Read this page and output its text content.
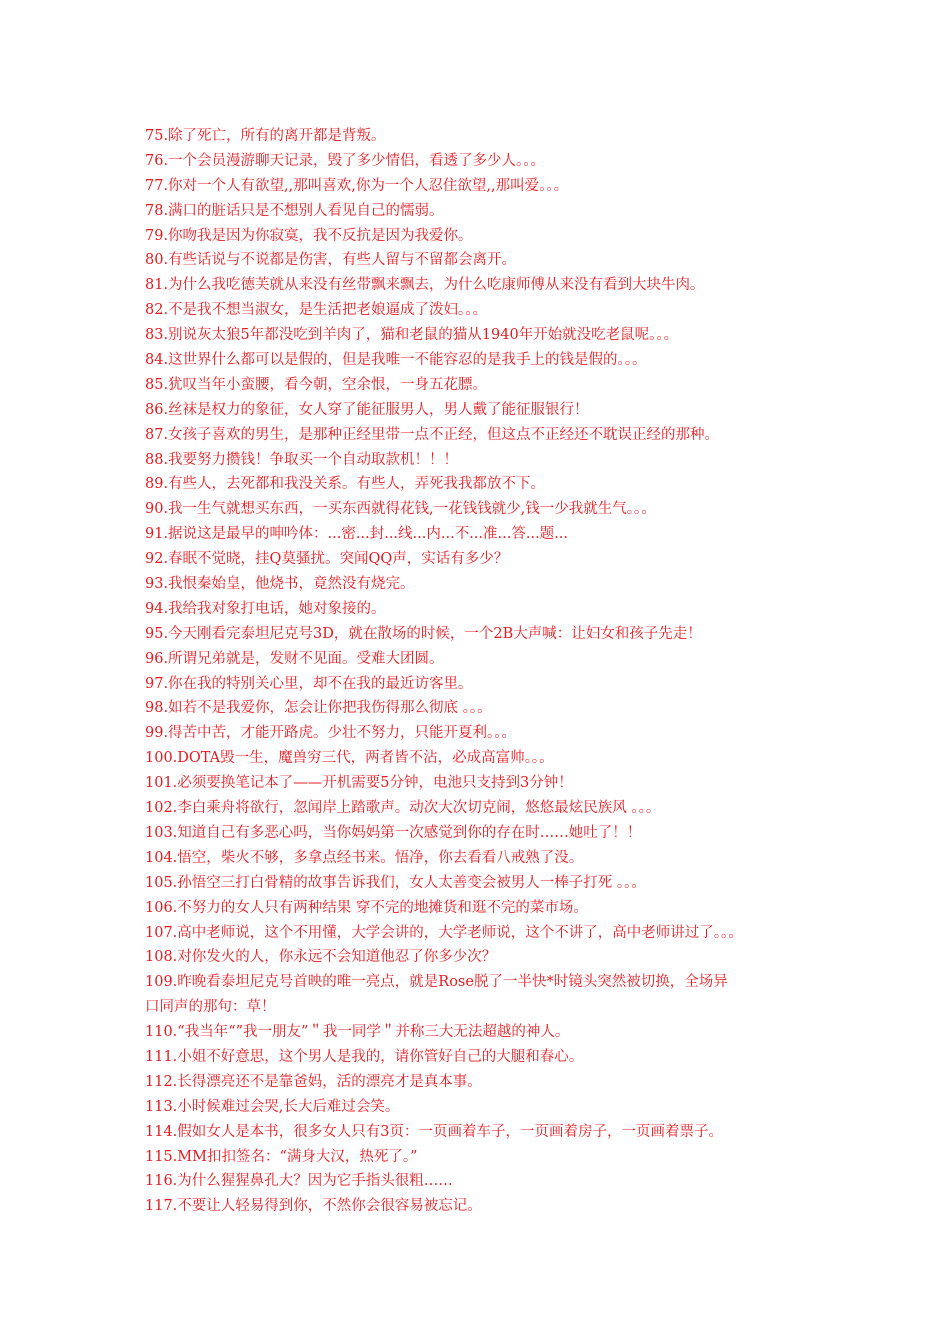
75.除了死亡，所有的离开都是背叛。
76.一个会员漫游聊天记录，毁了多少情侣，看透了多少人。。。
77.你对一个人有欲望,,那叫喜欢,你为一个人忍住欲望,,那叫爱。。。
78.满口的脏话只是不想别人看见自己的懦弱。
79.你吻我是因为你寂寞，我不反抗是因为我爱你。
80.有些话说与不说都是伤害，有些人留与不留都会离开。
81.为什么我吃德芙就从来没有丝带飘来飘去，为什么吃康师傅从来没有看到大块牛肉。
82.不是我不想当淑女，是生活把老娘逼成了泼妇。。。
83.别说灰太狼5年都没吃到羊肉了，猫和老鼠的猫从1940年开始就没吃老鼠呢。。。
84.这世界什么都可以是假的，但是我唯一不能容忍的是我手上的钱是假的。。。
85.犹叹当年小蛮腰，看今朝，空余恨，一身五花膘。
86.丝袜是权力的象征，女人穿了能征服男人，男人戴了能征服银行！
87.女孩子喜欢的男生，是那种正经里带一点不正经，但这点不正经还不耽误正经的那种。
88.我要努力攒钱！争取买一个自动取款机！！！
89.有些人，去死都和我没关系。有些人，弄死我我都放不下。
90.我一生气就想买东西，一买东西就得花钱,一花钱钱就少,钱一少我就生气。。。
91.据说这是最早的呻吟体：...密...封...线...内...不...准...答...题...
92.春眠不觉晓，挂Q莫骚扰。突闻QQ声，实话有多少？
93.我恨秦始皇，他烧书，竟然没有烧完。
94.我给我对象打电话，她对象接的。
95.今天刚看完泰坦尼克号3D，就在散场的时候，一个2B大声喊：让妇女和孩子先走！
96.所谓兄弟就是，发财不见面。受难大团圆。
97.你在我的特别关心里，却不在我的最近访客里。
98.如若不是我爱你，怎会让你把我伤得那么彻底 。。。
99.得苦中苦，才能开路虎。少壮不努力，只能开夏利。。。
100.DOTA毁一生，魔兽穷三代，两者皆不沾，必成高富帅。。。
101.必须要换笔记本了——开机需要5分钟，电池只支持到3分钟！
102.李白乘舟将欲行，忽闻岸上踏歌声。动次大次切克闹，悠悠最炫民族风 。。。
103.知道自己有多恶心吗，当你妈妈第一次感觉到你的存在时……她吐了！！
104.悟空，柴火不够，多拿点经书来。悟净，你去看看八戒熟了没。
105.孙悟空三打白骨精的故事告诉我们，女人太善变会被男人一棒子打死 。。。
106.不努力的女人只有两种结果 穿不完的地摊货和逛不完的菜市场。
107.高中老师说，这个不用懂，大学会讲的，大学老师说，这个不讲了，高中老师讲过了。。。
108.对你发火的人，你永远不会知道他忍了你多少次？
109.昨晚看泰坦尼克号首映的唯一亮点，就是Rose脱了一半快*时镜头突然被切换，全场异
口同声的那句：草！
110.“我当年“”我一朋友”＂我一同学＂并称三大无法超越的神人。
111.小姐不好意思，这个男人是我的，请你管好自己的大腿和春心。
112.长得漂亮还不是靠爸妈，活的漂亮才是真本事。
113.小时候难过会哭,长大后难过会笑。
114.假如女人是本书，很多女人只有3页：一页画着车子，一页画着房子，一页画着票子。
115.MM扣扣签名：“满身大汉，热死了。”
116.为什么猩猩鼻孔大？因为它手指头很粗……
117.不要让人轻易得到你，不然你会很容易被忘记。
